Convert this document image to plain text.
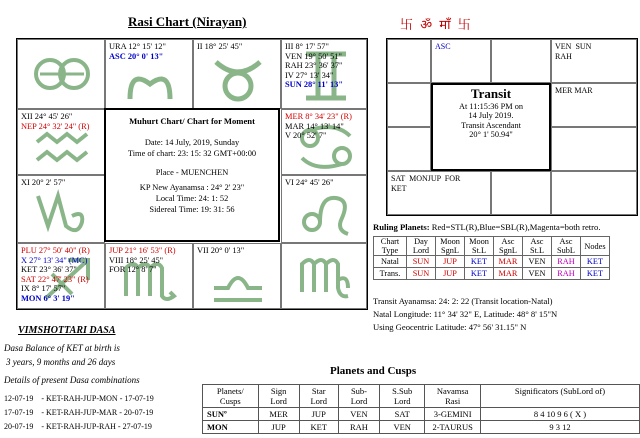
Rasi Chart (Nirayan)	卐 ॐ माँ 卐
URA 12° 15' 12"
ASC 20° 0' 13"
II 18° 25' 45"	III 8° 17' 57"
VEN 19° 50' 51"
RAH 23° 36' 37"
IV 27° 13' 34"
SUN 28° 11' 13"
XII 24° 45' 26"
NEP 24° 32' 24" (R)
MER 8° 34' 23" (R)
MAR 14° 13' 14"
V 20° 52' 7"
XI 20° 2' 57"	VI 24° 45' 26"
PLU 27° 50' 40" (R)
X 27° 13' 34" (MC)
KET 23° 36' 37"
SAT 22° 47' 23" (R)
IX 8° 17' 57"
MON 6° 3' 19"
JUP 21° 16' 53" (R)
VIII 18° 25' 45"
FOR 12° 8' 7"
VII 20° 0' 13"
Muhurt Chart/ Chart for Moment
Date: 14 July, 2019, Sunday
Time of chart: 23: 15: 32 GMT+00:00
Place - MUENCHEN
KP New Ayanamsa : 24° 2' 23"
Local Time: 24: 1: 52
Sidereal Time: 19: 31: 56
ASC	VEN  SUN
RAH
MER MAR
SAT  MONJUP  FOR
KET
Transit
At 11:15:36 PM on
14 July 2019.
Transit Ascendant
20° 1' 50.94"
Ruling Planets: Red=STL(R),Blue=SBL(R),Magenta=both retro.
Chart Type	Day Lord	Moon SgnL	Moon St.L	Asc SgnL	Asc St.L	Asc SubL	Nodes
Natal	SUN	JUP	KET	MAR	VEN	RAH	KET
Trans.	SUN	JUP	KET	MAR	VEN	RAH	KET
Transit Ayanamsa: 24: 2: 22 (Transit location-Natal)
Natal Longitude: 11° 34' 32" E, Latitude: 48° 8' 15"N
Using Geocentric Latitude: 47° 56' 31.15" N
VIMSHOTTARI DASA
Dasa Balance of KET at birth is
3 years, 9 months and 26 days
Details of present Dasa combinations
12-07-19    - KET-RAH-JUP-MON - 17-07-19
17-07-19    - KET-RAH-JUP-MAR - 20-07-19
20-07-19    - KET-RAH-JUP-RAH - 27-07-19
Planets and Cusps
Planets/ Cusps	Sign Lord	Star Lord	Sub- Lord	S.Sub Lord	Navamsa Rasi	Significators (SubLord of)
SUNº	MER	JUP	VEN	SAT	3-GEMINI	8 4 10 9 6 ( X )
MON	JUP	KET	RAH	VEN	2-TAURUS	9 3 12
